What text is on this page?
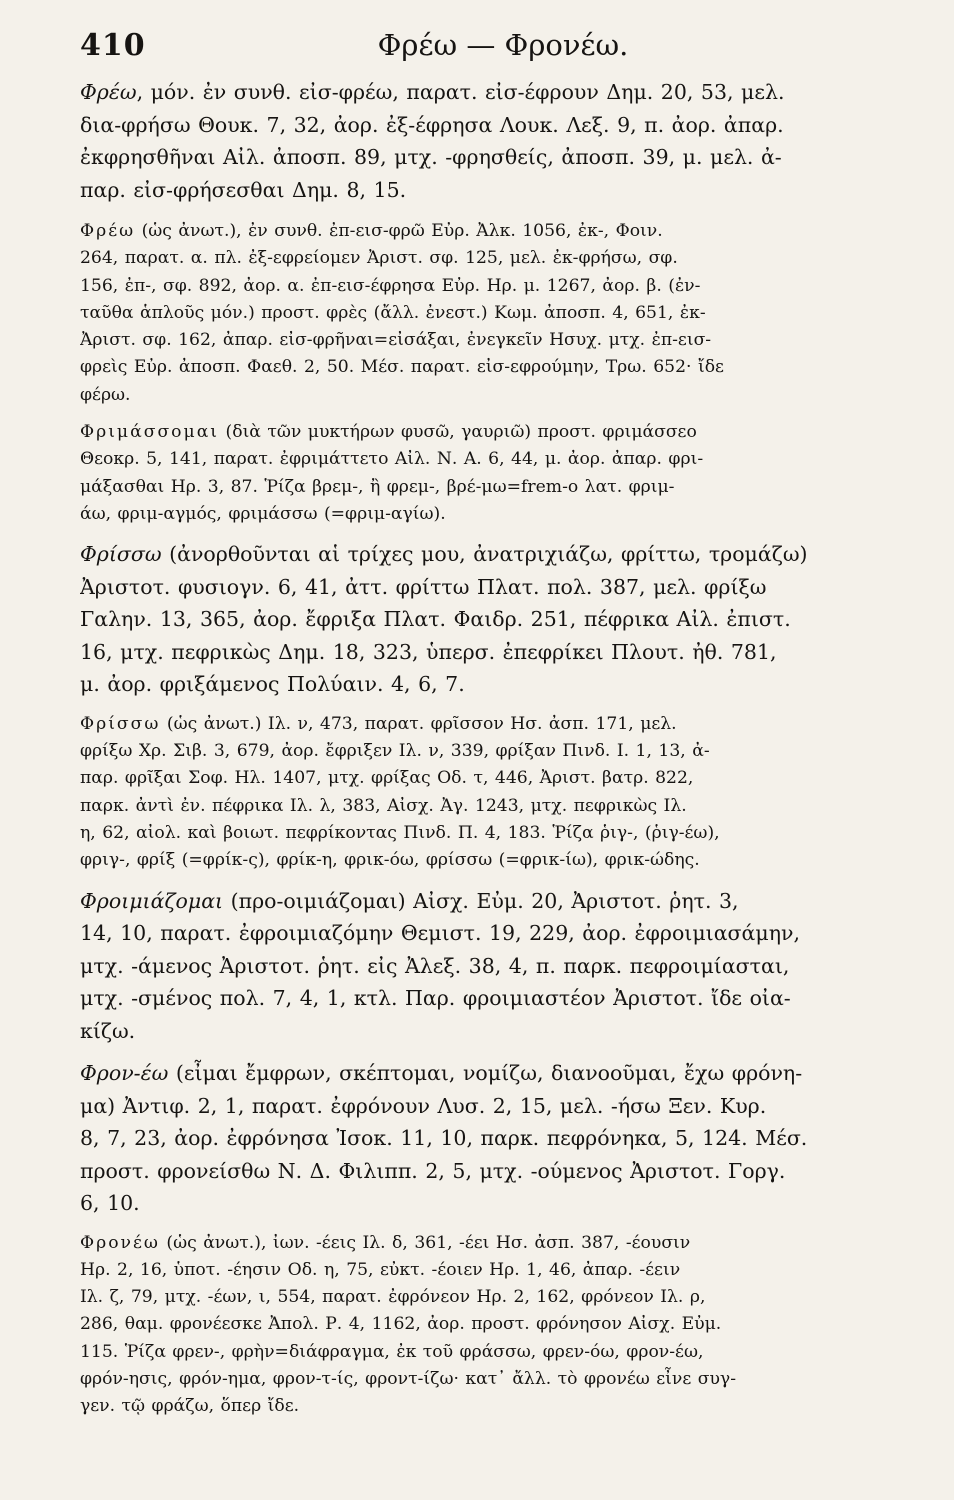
410	Φρέω — Φρονέω.
Φρέω, μόν. ἐν συνθ. εἰσ-φρέω, παρατ. εἰσ-έφρουν Δημ. 20, 53, μελ.
δια-φρήσω Θουκ. 7, 32, ἀορ. ἐξ-έφρησα Λουκ. Λεξ. 9, π. ἀορ. ἀπαρ.
ἐκφρησθῆναι Αἰλ. ἀποσπ. 89, μτχ. -φρησθείς, ἀποσπ. 39, μ. μελ. ἀ-
παρ. εἰσ-φρήσεσθαι Δημ. 8, 15.
Φρέω (ὡς ἀνωτ.), ἐν συνθ. ἐπ-εισ-φρῶ Εὐρ. Ἀλκ. 1056, ἐκ-, Φοιν.
264, παρατ. α. πλ. ἐξ-εφρείομεν Ἀριστ. σφ. 125, μελ. ἐκ-φρήσω, σφ.
156, ἐπ-, σφ. 892, ἀορ. α. ἐπ-εισ-έφρησα Εὐρ. Ηρ. μ. 1267, ἀορ. β. (ἐν-
ταῦθα ἁπλοῦς μόν.) προστ. φρὲς (ἄλλ. ἐνεστ.) Κωμ. ἀποσπ. 4, 651, ἐκ-
Ἀριστ. σφ. 162, ἀπαρ. εἰσ-φρῆναι=εἰσάξαι, ἐνεγκεῖν Ησυχ. μτχ. ἐπ-εισ-
φρεὶς Εὐρ. ἀποσπ. Φαεθ. 2, 50. Μέσ. παρατ. εἰσ-εφρούμην, Τρω. 652· ἴδε
φέρω.
Φριμάσσομαι (διὰ τῶν μυκτήρων φυσῶ, γαυριῶ) προστ. φριμάσσεο
Θεοκρ. 5, 141, παρατ. ἐφριμάττετο Αἰλ. Ν. Α. 6, 44, μ. ἀορ. ἀπαρ. φρι-
μάξασθαι Ηρ. 3, 87. Ῥίζα βρεμ-, ἢ φρεμ-, βρέ-μω=frem-o λατ. φριμ-
άω, φριμ-αγμός, φριμάσσω (=φριμ-αγίω).
Φρίσσω (ἀνορθοῦνται αἱ τρίχες μου, ἀνατριχιάζω, φρίττω, τρομάζω)
Ἀριστοτ. φυσιογν. 6, 41, ἀττ. φρίττω Πλατ. πολ. 387, μελ. φρίξω
Γαλην. 13, 365, ἀορ. ἔφριξα Πλατ. Φαιδρ. 251, πέφρικα Αἰλ. ἐπιστ.
16, μτχ. πεφρικὼς Δημ. 18, 323, ὑπερσ. ἐπεφρίκει Πλουτ. ἠθ. 781,
μ. ἀορ. φριξάμενος Πολύαιν. 4, 6, 7.
Φρίσσω (ὡς ἀνωτ.) Ιλ. ν, 473, παρατ. φρῖσσον Ησ. ἀσπ. 171, μελ.
φρίξω Χρ. Σιβ. 3, 679, ἀορ. ἔφριξεν Ιλ. ν, 339, φρίξαν Πινδ. Ι. 1, 13, ἀ-
παρ. φρῖξαι Σοφ. Ηλ. 1407, μτχ. φρίξας Οδ. τ, 446, Ἀριστ. βατρ. 822,
παρκ. ἀντὶ ἐν. πέφρικα Ιλ. λ, 383, Αἰσχ. Ἀγ. 1243, μτχ. πεφρικὼς Ιλ.
η, 62, αἰολ. καὶ βοιωτ. πεφρίκοντας Πινδ. Π. 4, 183. Ῥίζα ῥιγ-, (ῥιγ-έω),
φριγ-, φρίξ (=φρίκ-ς), φρίκ-η, φρικ-όω, φρίσσω (=φρικ-ίω), φρικ-ώδης.
Φροιμιάζομαι (προ-οιμιάζομαι) Αἰσχ. Εὐμ. 20, Ἀριστοτ. ῥητ. 3,
14, 10, παρατ. ἐφροιμιαζόμην Θεμιστ. 19, 229, ἀορ. ἐφροιμιασάμην,
μτχ. -άμενος Ἀριστοτ. ῥητ. εἰς Ἀλεξ. 38, 4, π. παρκ. πεφροιμίασται,
μτχ. -σμένος πολ. 7, 4, 1, κτλ. Παρ. φροιμιαστέον Ἀριστοτ. ἴδε οἰα-
κίζω.
Φρον-έω (εἶμαι ἔμφρων, σκέπτομαι, νομίζω, διανοοῦμαι, ἔχω φρόνη-
μα) Ἀντιφ. 2, 1, παρατ. ἐφρόνουν Λυσ. 2, 15, μελ. -ήσω Ξεν. Κυρ.
8, 7, 23, ἀορ. ἐφρόνησα Ἰσοκ. 11, 10, παρκ. πεφρόνηκα, 5, 124. Μέσ.
προστ. φρονείσθω Ν. Δ. Φιλιππ. 2, 5, μτχ. -ούμενος Ἀριστοτ. Γοργ.
6, 10.
Φρονέω (ὡς ἀνωτ.), ἰων. -έεις Ιλ. δ, 361, -έει Ησ. ἀσπ. 387, -έουσιν
Ηρ. 2, 16, ὑποτ. -έησιν Οδ. η, 75, εὐκτ. -έοιεν Ηρ. 1, 46, ἀπαρ. -έειν
Ιλ. ζ, 79, μτχ. -έων, ι, 554, παρατ. ἐφρόνεον Ηρ. 2, 162, φρόνεον Ιλ. ρ,
286, θαμ. φρονέεσκε Ἀπολ. Ρ. 4, 1162, ἀορ. προστ. φρόνησον Αἰσχ. Εὐμ.
115. Ῥίζα φρεν-, φρὴν=διάφραγμα, ἐκ τοῦ φράσσω, φρεν-όω, φρον-έω,
φρόν-ησις, φρόν-ημα, φρον-τ-ίς, φροντ-ίζω· κατ᾽ ἄλλ. τὸ φρονέω εἶνε συγ-
γεν. τῷ φράζω, ὅπερ ἴδε.
